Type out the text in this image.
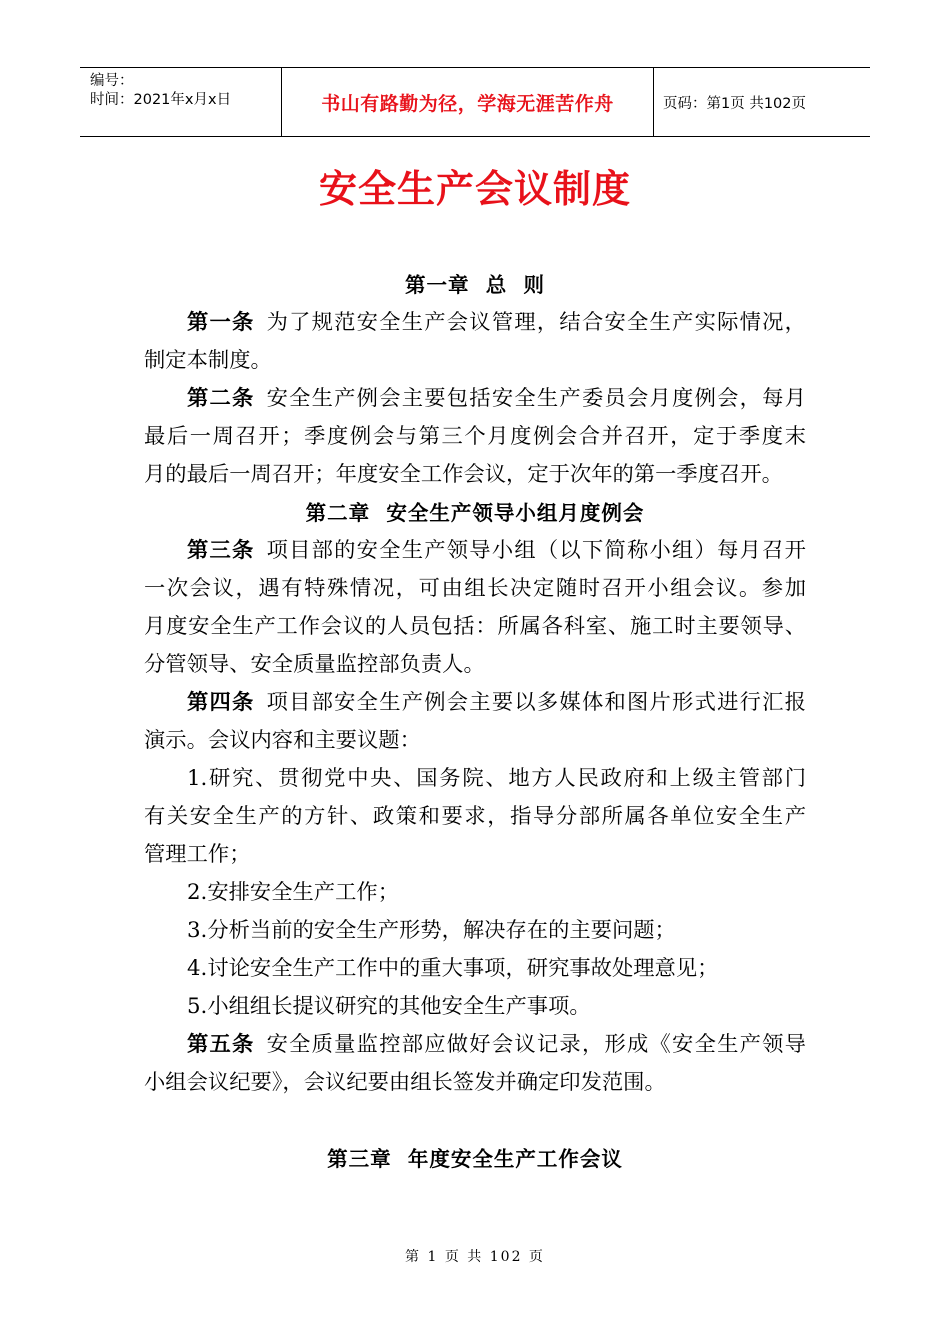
编号：
时间：2021年x月x日	书山有路勤为径，学海无涯苦作舟	页码：第1页 共102页
安全生产会议制度
第一章  总  则
第一条 为了规范安全生产会议管理，结合安全生产实际情况，
制定本制度。
第二条 安全生产例会主要包括安全生产委员会月度例会，每月
最后一周召开；季度例会与第三个月度例会合并召开，定于季度末
月的最后一周召开；年度安全工作会议，定于次年的第一季度召开。
第二章  安全生产领导小组月度例会
第三条 项目部的安全生产领导小组（以下简称小组）每月召开
一次会议，遇有特殊情况，可由组长决定随时召开小组会议。参加
月度安全生产工作会议的人员包括：所属各科室、施工时主要领导、
分管领导、安全质量监控部负责人。
第四条 项目部安全生产例会主要以多媒体和图片形式进行汇报
演示。会议内容和主要议题：
1.研究、贯彻党中央、国务院、地方人民政府和上级主管部门
有关安全生产的方针、政策和要求，指导分部所属各单位安全生产
管理工作；
2.安排安全生产工作；
3.分析当前的安全生产形势，解决存在的主要问题；
4.讨论安全生产工作中的重大事项，研究事故处理意见；
5.小组组长提议研究的其他安全生产事项。
第五条 安全质量监控部应做好会议记录，形成《安全生产领导
小组会议纪要》，会议纪要由组长签发并确定印发范围。
第三章  年度安全生产工作会议
第 1 页 共 102 页
